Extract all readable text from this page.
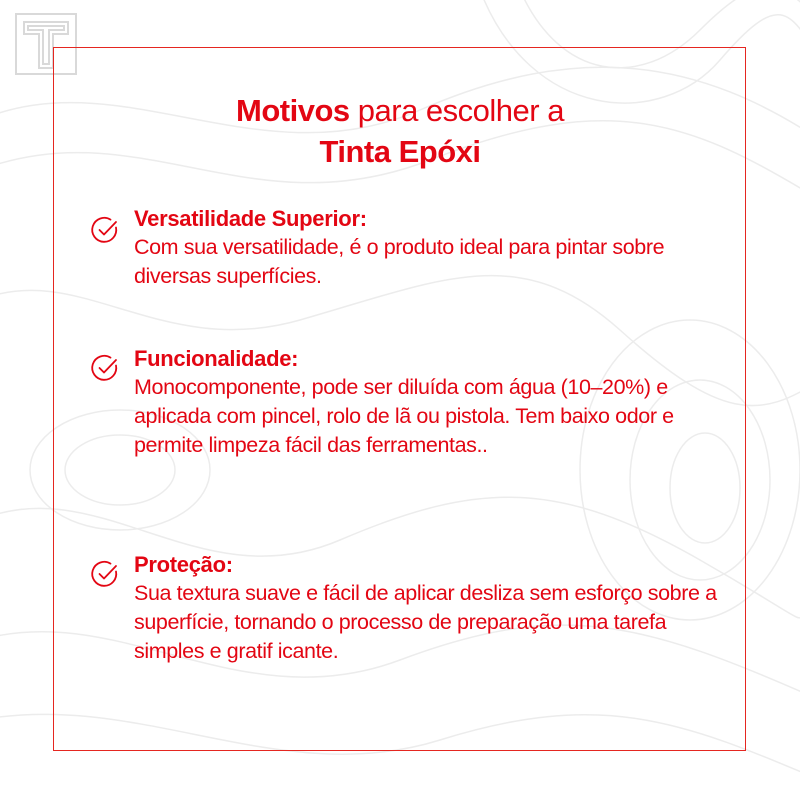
Motivos para escolher a
Tinta Epóxi
Versatilidade Superior:
Com sua versatilidade, é o produto ideal para pintar sobre diversas superfícies.
Funcionalidade:
Monocomponente, pode ser diluída com água (10–20%) e aplicada com pincel, rolo de lã ou pistola. Tem baixo odor e permite limpeza fácil das ferramentas..
Proteção:
Sua textura suave e fácil de aplicar desliza sem esforço sobre a superfície, tornando o processo de preparação uma tarefa simples e gratif icante.
